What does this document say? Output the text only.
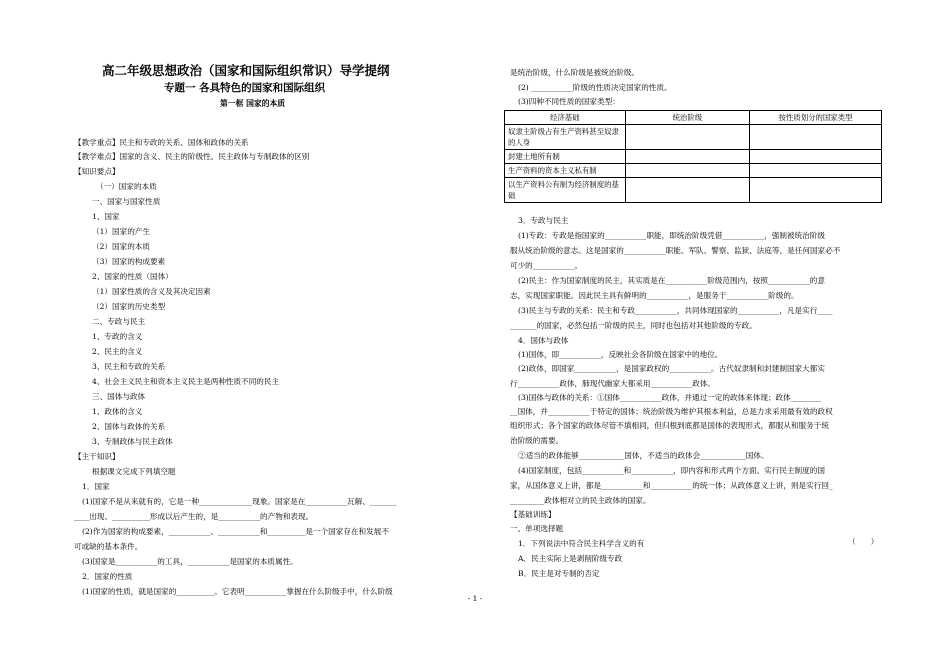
高二年级思想政治（国家和国际组织常识）导学提纲
专题一 各具特色的国家和国际组织
第一框 国家的本质
【教学重点】民主和专政的关系、国体和政体的关系
【教学难点】国家的含义、民主的阶级性、民主政体与专制政体的区别
【知识要点】
（一）国家的本质
一、国家与国家性质
1、国家
（1）国家的产生
（2）国家的本质
（3）国家的构成要素
2、国家的性质（国体）
（1）国家性质的含义及其决定因素
（2）国家的历史类型
二、专政与民主
1、专政的含义
2、民主的含义
3、民主和专政的关系
4、社会主义民主和资本主义民主是两种性质不同的民主
三、国体与政体
1、政体的含义
2、国体与政体的关系
3、专制政体与民主政体
【主干知识】
根据课文完成下列填空题
1．国家
(1)国家不是从来就有的，它是一种______________现象。国家是在___________瓦解、_______
____出现、__________形成以后产生的，是___________的产物和表现。
(2)作为国家的构成要素，___________、___________和__________是一个国家存在和发展不
可或缺的基本条件。
(3)国家是___________的工具，___________是国家的本质属性。
2．国家的性质
(1)国家的性质，就是国家的__________。它表明___________掌握在什么阶级手中，什么阶级
是统治阶级，什么阶级是被统治阶级。
(2) ___________阶级的性质决定国家的性质。
(3)四种不同性质的国家类型：
经济基础	统治阶级	按性质划分的国家类型
奴隶主阶级占有生产资料甚至奴隶的人身		
封建土地所有制		
生产资料的资本主义私有制		
以生产资料公有制为经济制度的基础		
3．专政与民主
(1)专政：专政是指国家的___________职能，即统治阶级凭借___________，强制被统治阶级
服从统治阶级的意志。这是国家的___________职能。军队、警察、监狱、法庭等，是任何国家必不
可少的___________。
(2)民主：作为国家制度的民主，其实质是在___________阶级范围内，按照___________的意
志，实现国家职能。因此民主具有鲜明的___________，是服务于___________阶级的。
(3)民主与专政的关系：民主和专政___________，共同体现国家的___________，凡是实行____
_______的国家，必然包括一阶级的民主，同时也包括对其他阶级的专政。
4．国体与政体
(1)国体，即___________，反映社会各阶级在国家中的地位。
(2)政体，即国家___________，是国家政权的___________。古代奴隶制和封建制国家大都实
行___________政体，肺现代幽家大都采用___________政体。
(3)国体与政体的关系：①国体___________政体，并通过一定的政体来体现；政体________
__国体，并___________于特定的国体；统治阶级为维护其根本利益，总是力求采用最有效的政权
组织形式；各个国家的政体尽管不填相同，但归根到底都是国体的表现形式，都服从和服务于统
治阶级的需要。
②适当的政体能够____________国体，不适当的政体会____________国体。
(4)国家制度，包括___________和___________，即内容和形式两个方面。实行民主制度的国
家，从国体意义上讲，都是___________和___________的统一体；从政体意义上讲，则是实行回_
_________政体相对立的民主政体的国家。
【基础训练】
一、单项选择题
1．下列说法中符合民主科学含义的有
A．民主实际上是剥削阶级专政
B．民主是对专制的否定
（　　）
- 1 -
